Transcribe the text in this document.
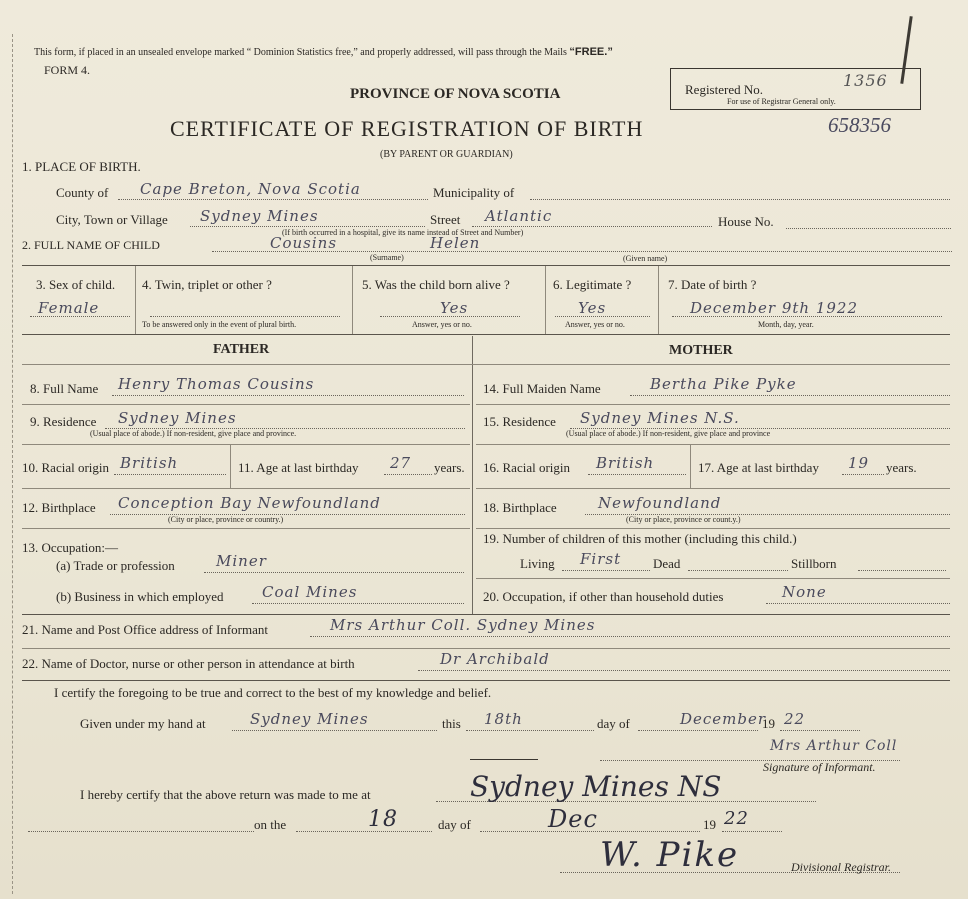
This form, if placed in an unsealed envelope marked “ Dominion Statistics free,” and properly addressed, will pass through the Mails “FREE.”
FORM 4.
Registered No.	1356
For use of Registrar General only.
PROVINCE OF NOVA SCOTIA
CERTIFICATE OF REGISTRATION OF BIRTH	658356
(BY PARENT OR GUARDIAN)
1. PLACE OF BIRTH.
County of Cape Breton, Nova Scotia	Municipality of
City, Town or Village Sydney Mines	Street Atlantic	House No.
(If birth occurred in a hospital, give its name instead of Street and Number)
2. FULL NAME OF CHILD	Cousins	Helen
(Surname)	(Given name)
3. Sex of child.
Female
4. Twin, triplet or other ?
To be answered only in the event of plural birth.
5. Was the child born alive ?
Yes
Answer, yes or no.
6. Legitimate ?
Yes
Answer, yes or no.
7. Date of birth ?
December 9th 1922
Month, day, year.
FATHER	MOTHER
8. Full Name Henry Thomas Cousins
9. Residence Sydney Mines
(Usual place of abode.) If non-resident, give place and province.
10. Racial origin British	11. Age at last birthday 27 years.
12. Birthplace Conception Bay Newfoundland
(City or place, province or country.)
13. Occupation:—
(a) Trade or profession	Miner
(b) Business in which employed	Coal Mines
14. Full Maiden Name	Bertha Pike Pyke
15. Residence Sydney Mines N.S.
(Usual place of abode.) If non-resident, give place and province
16. Racial origin British	17. Age at last birthday 19 years.
18. Birthplace	Newfoundland
(City or place, province or count.y.)
19. Number of children of this mother (including this child.)
Living First Dead	Stillborn
20. Occupation, if other than household duties	None
21. Name and Post Office address of Informant	Mrs Arthur Coll. Sydney Mines
22. Name of Doctor, nurse or other person in attendance at birth	Dr Archibald
I certify the foregoing to be true and correct to the best of my knowledge and belief.
Given under my hand at	Sydney Mines	this 18th	day of	December
19 22
Mrs Arthur Coll
Signature of Informant.
I hereby certify that the above return was made to me at	Sydney Mines NS
on the	18	day of	Dec	19 22
W. Pike	Divisional Registrar.
